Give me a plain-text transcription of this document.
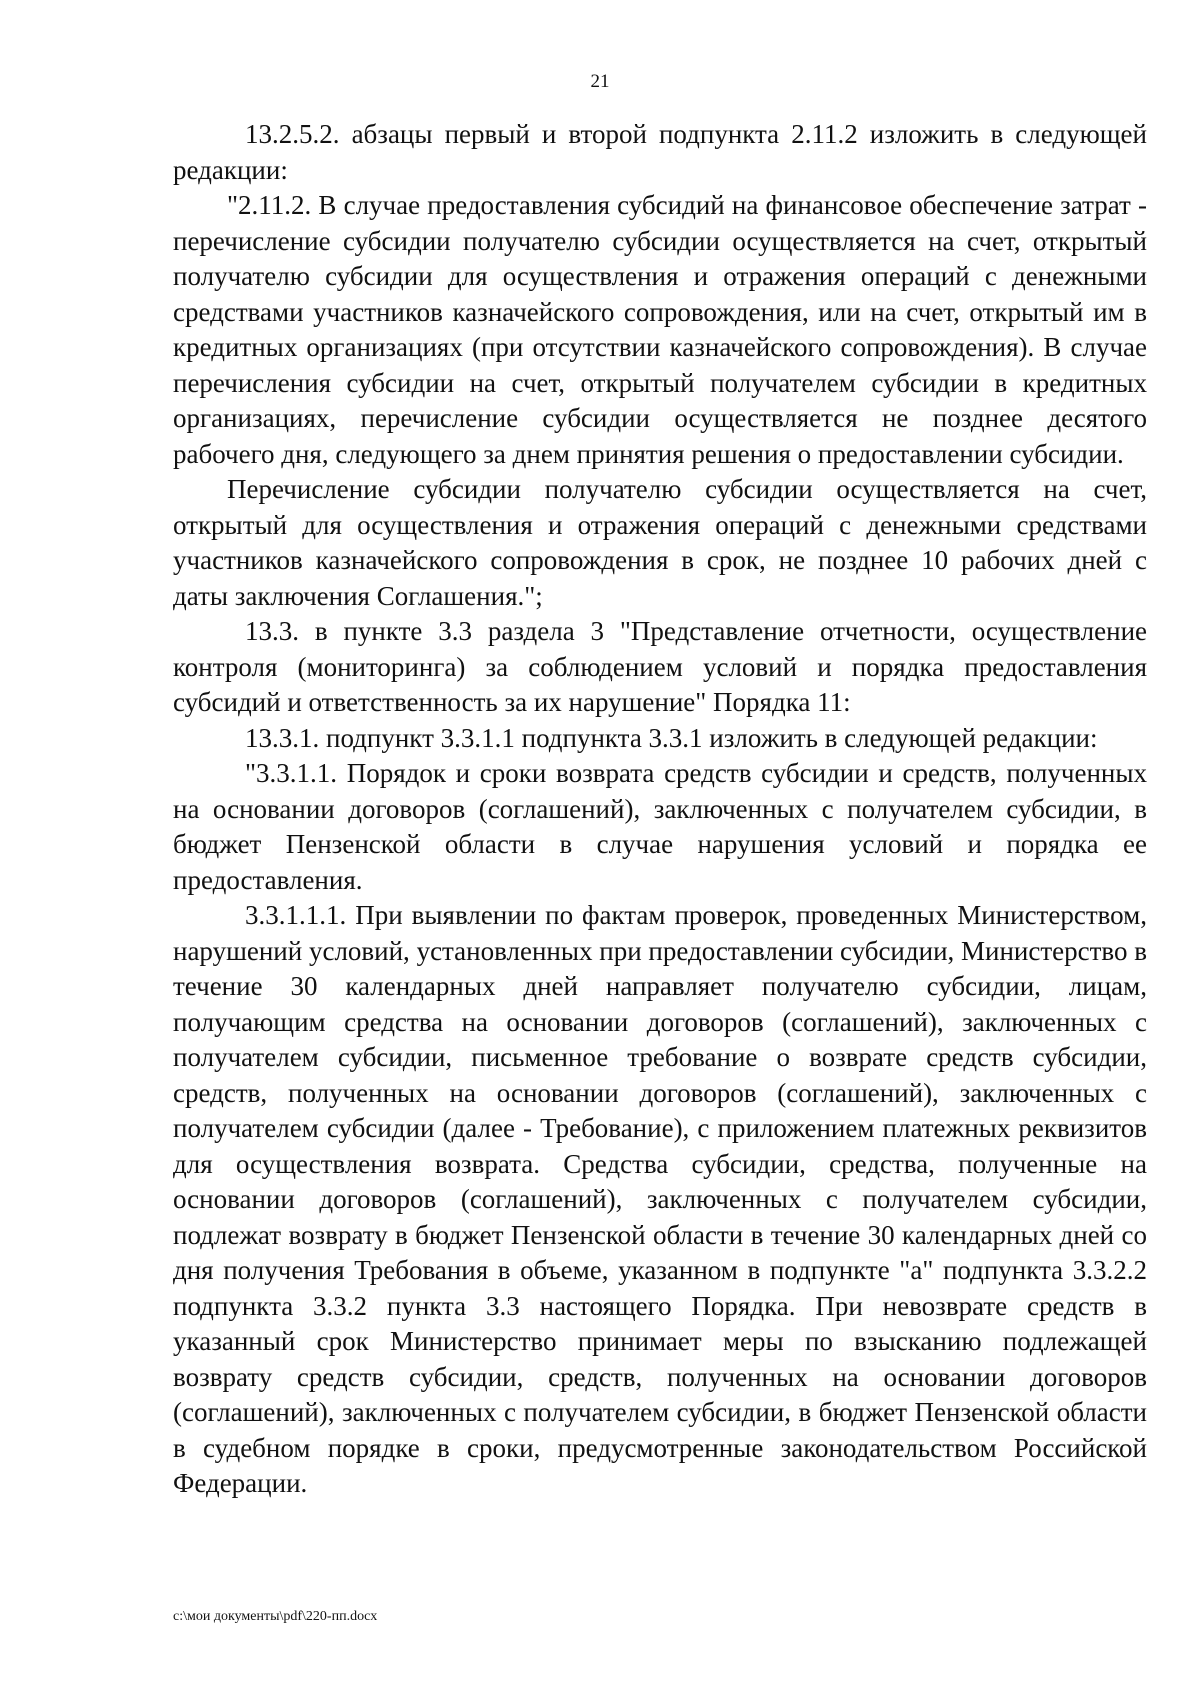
21

13.2.5.2. абзацы первый и второй подпункта 2.11.2 изложить в следующей редакции:

"2.11.2. В случае предоставления субсидий на финансовое обеспечение затрат - перечисление субсидии получателю субсидии осуществляется на счет, открытый получателю субсидии для осуществления и отражения операций с денежными средствами участников казначейского сопровождения, или на счет, открытый им в кредитных организациях (при отсутствии казначейского сопровождения). В случае перечисления субсидии на счет, открытый получателем субсидии в кредитных организациях, перечисление субсидии осуществляется не позднее десятого рабочего дня, следующего за днем принятия решения о предоставлении субсидии.

Перечисление субсидии получателю субсидии осуществляется на счет, открытый для осуществления и отражения операций с денежными средствами участников казначейского сопровождения в срок, не позднее 10 рабочих дней с даты заключения Соглашения.";

13.3. в пункте 3.3 раздела 3 "Представление отчетности, осуществление контроля (мониторинга) за соблюдением условий и порядка предоставления субсидий и ответственность за их нарушение" Порядка 11:

13.3.1. подпункт 3.3.1.1 подпункта 3.3.1 изложить в следующей редакции:

"3.3.1.1. Порядок и сроки возврата средств субсидии и средств, полученных на основании договоров (соглашений), заключенных с получателем субсидии, в бюджет Пензенской области в случае нарушения условий и порядка ее предоставления.

3.3.1.1.1. При выявлении по фактам проверок, проведенных Министерством, нарушений условий, установленных при предоставлении субсидии, Министерство в течение 30 календарных дней направляет получателю субсидии, лицам, получающим средства на основании договоров (соглашений), заключенных с получателем субсидии, письменное требование о возврате средств субсидии, средств, полученных на основании договоров (соглашений), заключенных с получателем субсидии (далее - Требование), с приложением платежных реквизитов для осуществления возврата. Средства субсидии, средства, полученные на основании договоров (соглашений), заключенных с получателем субсидии, подлежат возврату в бюджет Пензенской области в течение 30 календарных дней со дня получения Требования в объеме, указанном в подпункте "а" подпункта 3.3.2.2 подпункта 3.3.2 пункта 3.3 настоящего Порядка. При невозврате средств в указанный срок Министерство принимает меры по взысканию подлежащей возврату средств субсидии, средств, полученных на основании договоров (соглашений), заключенных с получателем субсидии, в бюджет Пензенской области в судебном порядке в сроки, предусмотренные законодательством Российской Федерации.

c:\мои документы\pdf\220-пп.docx
